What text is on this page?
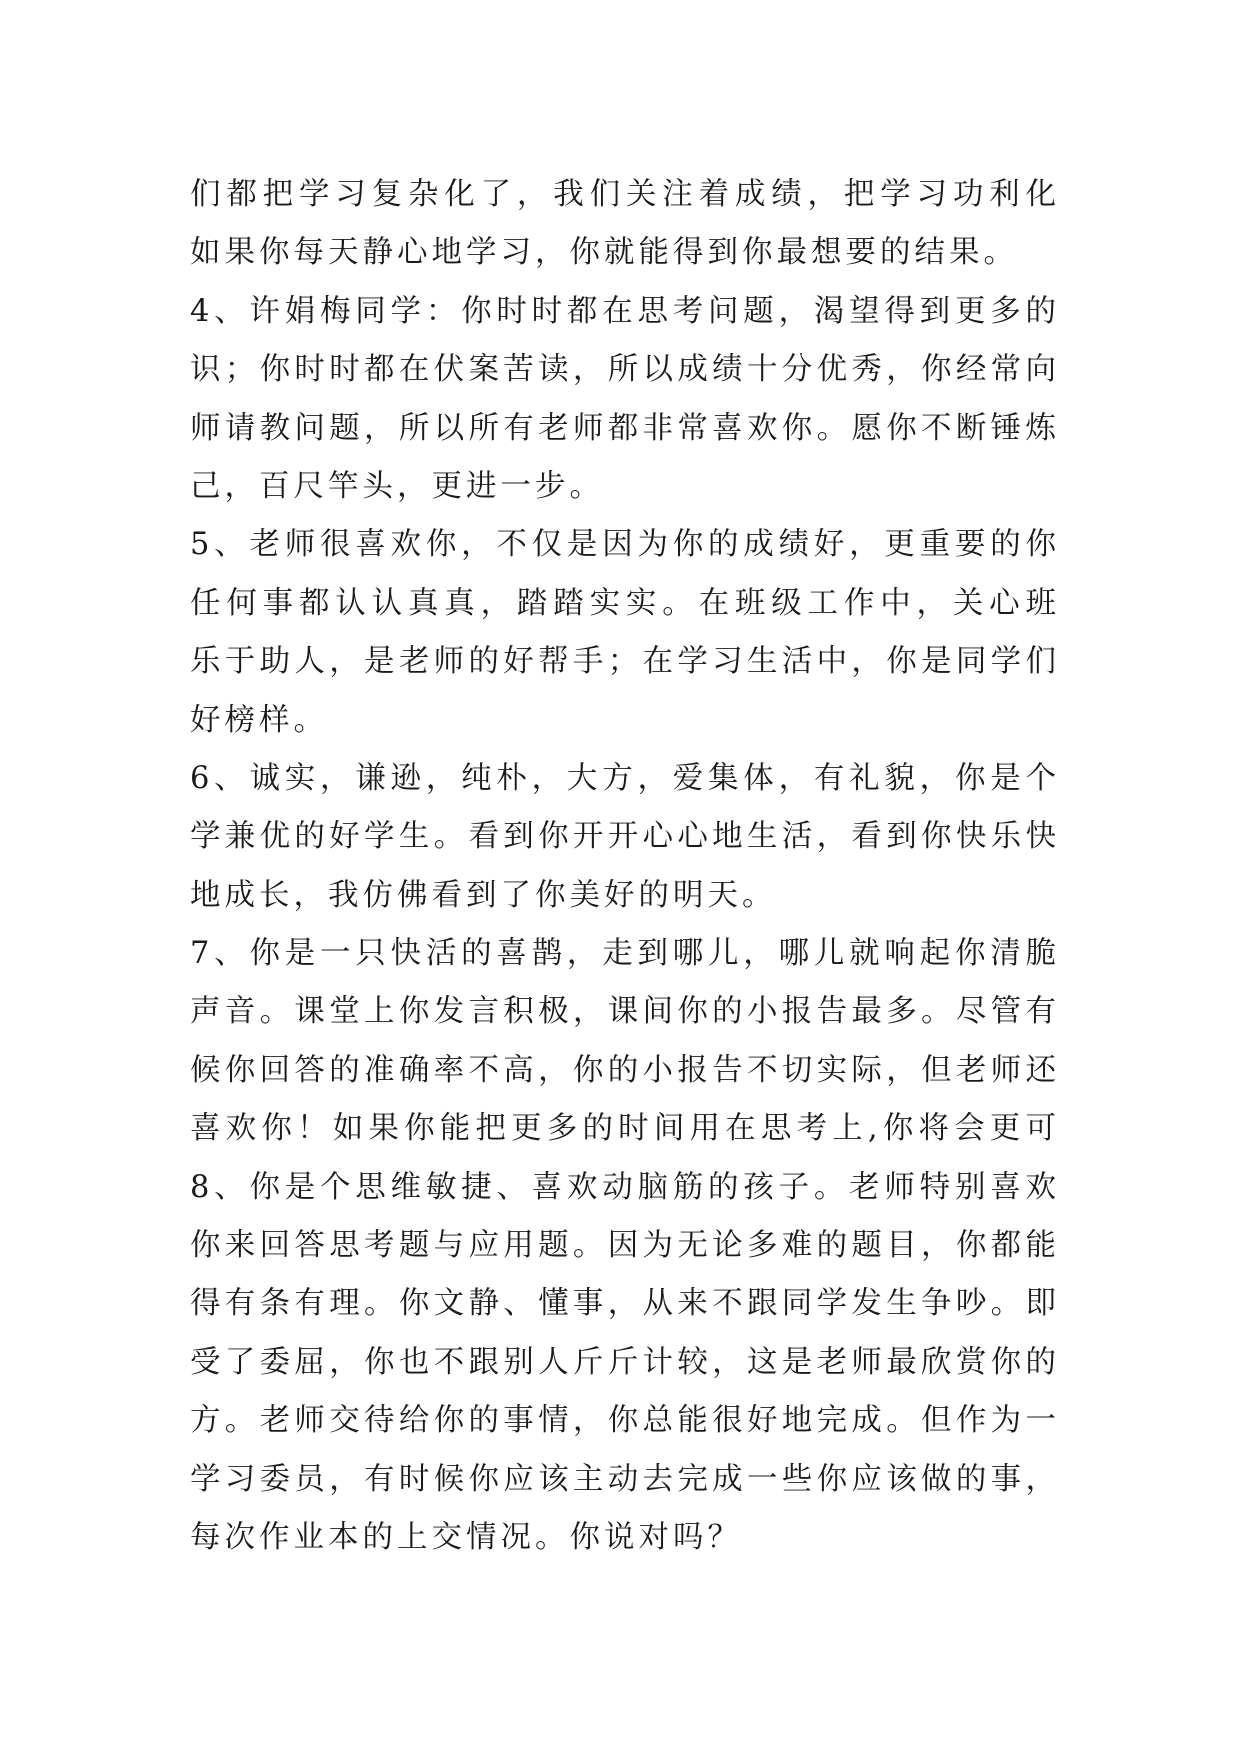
们都把学习复杂化了，我们关注着成绩，把学习功利化
如果你每天静心地学习，你就能得到你最想要的结果。
4、许娟梅同学：你时时都在思考问题，渴望得到更多的
识；你时时都在伏案苦读，所以成绩十分优秀，你经常向
师请教问题，所以所有老师都非常喜欢你。愿你不断锤炼
己，百尺竿头，更进一步。
5、老师很喜欢你，不仅是因为你的成绩好，更重要的你
任何事都认认真真，踏踏实实。在班级工作中，关心班
乐于助人，是老师的好帮手；在学习生活中，你是同学们
好榜样。
6、诚实，谦逊，纯朴，大方，爱集体，有礼貌，你是个
学兼优的好学生。看到你开开心心地生活，看到你快乐快
地成长，我仿佛看到了你美好的明天。
7、你是一只快活的喜鹊，走到哪儿，哪儿就响起你清脆
声音。课堂上你发言积极，课间你的小报告最多。尽管有
候你回答的准确率不高，你的小报告不切实际，但老师还
喜欢你！如果你能把更多的时间用在思考上,你将会更可
8、你是个思维敏捷、喜欢动脑筋的孩子。老师特别喜欢
你来回答思考题与应用题。因为无论多难的题目，你都能
得有条有理。你文静、懂事，从来不跟同学发生争吵。即
受了委屈，你也不跟别人斤斤计较，这是老师最欣赏你的
方。老师交待给你的事情，你总能很好地完成。但作为一
学习委员，有时候你应该主动去完成一些你应该做的事，
每次作业本的上交情况。你说对吗？
